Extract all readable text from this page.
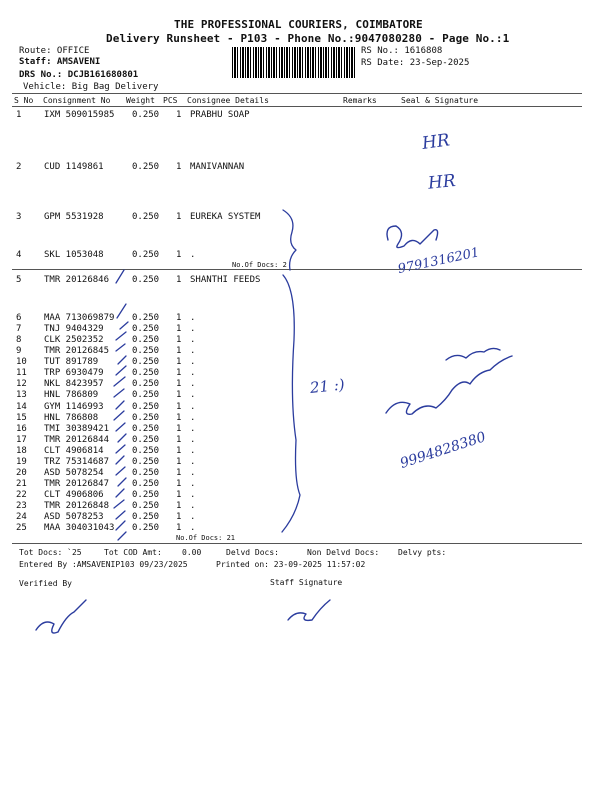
THE PROFESSIONAL COURIERS, COIMBATORE
Delivery Runsheet - P103 - Phone No.:9047080280 - Page No.:1
Route: OFFICE
Staff: AMSAVENI
DRS No.: DCJB161680801
Vehicle: Big Bag Delivery
RS No.: 1616808
RS Date: 23-Sep-2025
S No Consignment No Weight PCS Consignee Details	Remarks	Seal & Signature
1	IXM 509015985 0.250 1 PRABHU SOAP
2	CUD 1149861	0.250 1 MANIVANNAN
3	GPM 5531928	0.250 1 EUREKA SYSTEM
4	SKL 1053048	0.250 1 .
No.Of Docs: 2
5	TMR 20126846	0.250 1 SHANTHI FEEDS
6	MAA 713069879 0.250 1 .
7	TNJ 9404329	0.250 1 .
8	CLK 2502352	0.250 1 .
9	TMR 20126845	0.250 1 .
10 TUT 891789	0.250 1 .
11 TRP 6930479	0.250 1 .
12 NKL 8423957	0.250 1 .
13 HNL 786809	0.250 1 .
14 GYM 1146993	0.250 1 .
15 HNL 786808	0.250 1 .
16 TMI 30389421	0.250 1 .
17 TMR 20126844	0.250 1 .
18 CLT 4906814	0.250 1 .
19 TRZ 75314687	0.250 1 .
20 ASD 5078254	0.250 1 .
21 TMR 20126847	0.250 1 .
22 CLT 4906806	0.250 1 .
23 TMR 20126848	0.250 1 .
24 ASD 5078253	0.250 1 .
25 MAA 304031043 0.250 1 .
No.Of Docs: 21
Tot Docs: `25	Tot COD Amt:	0.00	Delvd Docs:	Non Delvd Docs: Delvy pts:
Entered By :AMSAVENIP103 09/23/2025	Printed on: 23-09-2025 11:57:02
Verified By	Staff Signature
HR
HR
9791316201
21 :)
9994828380
